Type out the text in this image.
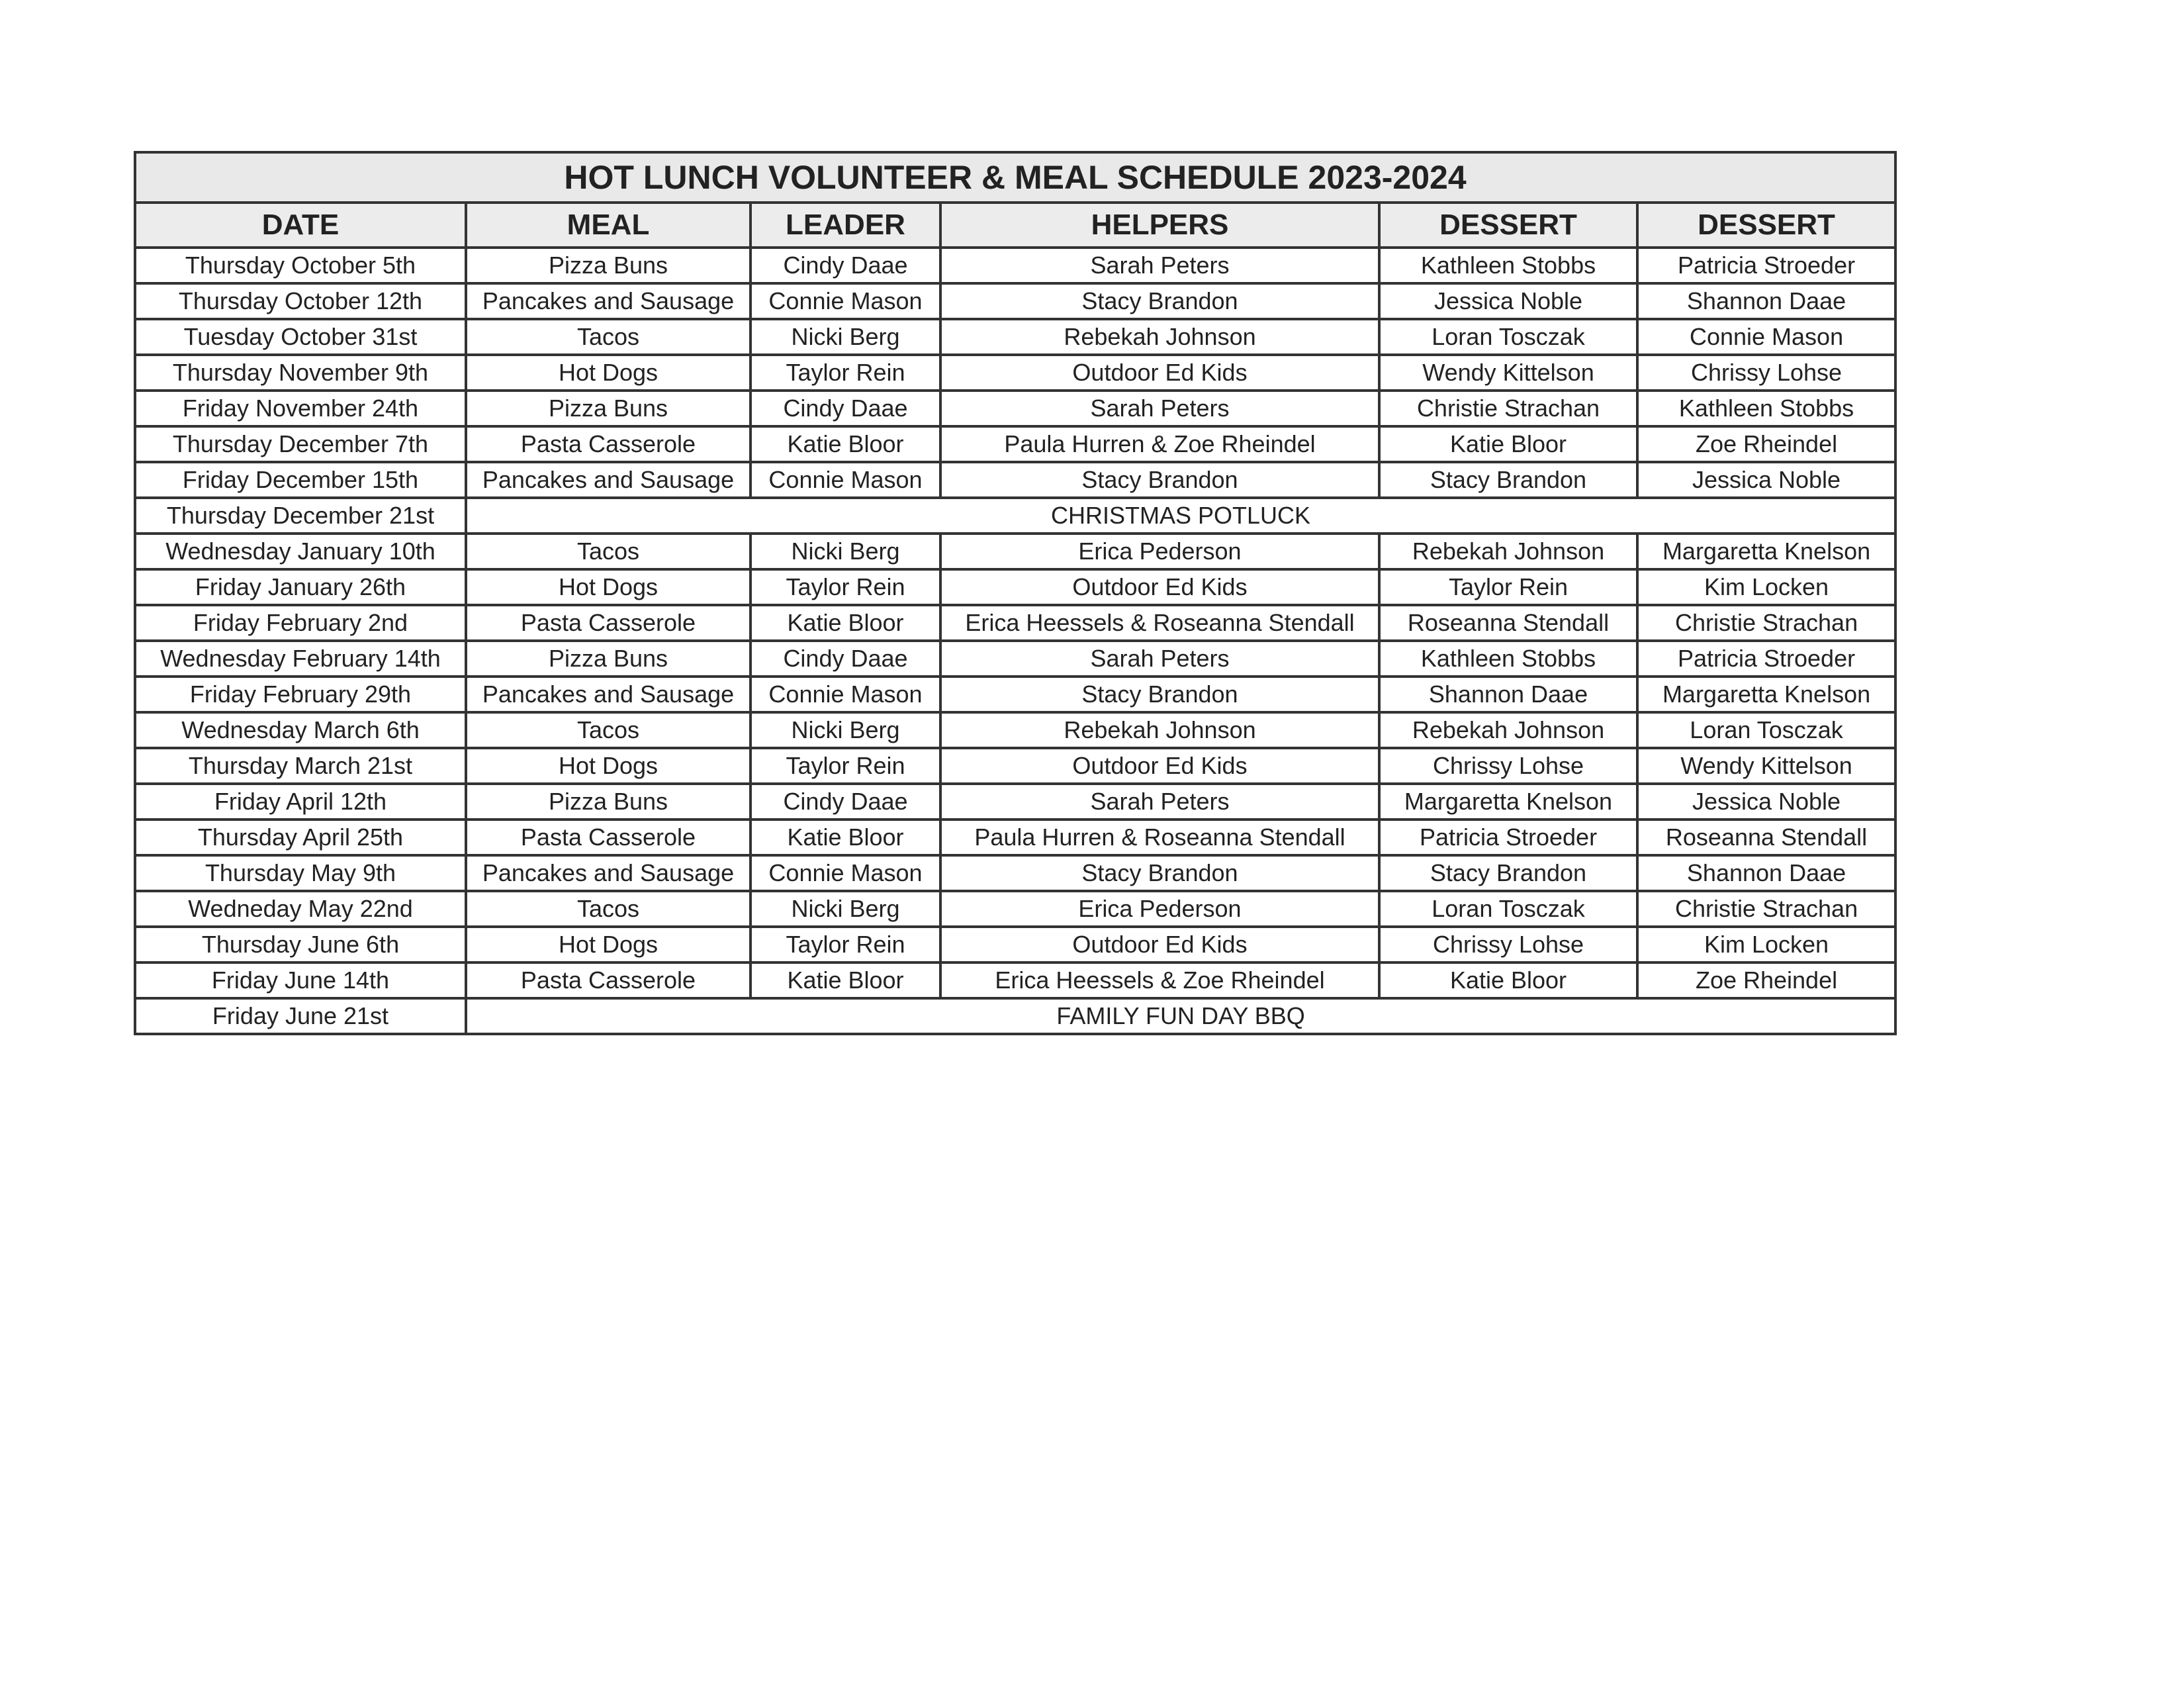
HOT LUNCH VOLUNTEER & MEAL SCHEDULE 2023-2024					
DATE	MEAL	LEADER	HELPERS	DESSERT	DESSERT
Thursday October 5th	Pizza Buns	Cindy Daae	Sarah Peters	Kathleen Stobbs	Patricia Stroeder
Thursday October 12th	Pancakes and Sausage	Connie Mason	Stacy Brandon	Jessica Noble	Shannon Daae
Tuesday October 31st	Tacos	Nicki Berg	Rebekah Johnson	Loran Tosczak	Connie Mason
Thursday November 9th	Hot Dogs	Taylor Rein	Outdoor Ed Kids	Wendy Kittelson	Chrissy Lohse
Friday November 24th	Pizza Buns	Cindy Daae	Sarah Peters	Christie Strachan	Kathleen Stobbs
Thursday December 7th	Pasta Casserole	Katie Bloor	Paula Hurren & Zoe Rheindel	Katie Bloor	Zoe Rheindel
Friday December 15th	Pancakes and Sausage	Connie Mason	Stacy Brandon	Stacy Brandon	Jessica Noble
Thursday December 21st	CHRISTMAS POTLUCK				
Wednesday January 10th	Tacos	Nicki Berg	Erica Pederson	Rebekah Johnson	Margaretta Knelson
Friday January 26th	Hot Dogs	Taylor Rein	Outdoor Ed Kids	Taylor Rein	Kim Locken
Friday February 2nd	Pasta Casserole	Katie Bloor	Erica Heessels & Roseanna Stendall	Roseanna Stendall	Christie Strachan
Wednesday February 14th	Pizza Buns	Cindy Daae	Sarah Peters	Kathleen Stobbs	Patricia Stroeder
Friday February 29th	Pancakes and Sausage	Connie Mason	Stacy Brandon	Shannon Daae	Margaretta Knelson
Wednesday March 6th	Tacos	Nicki Berg	Rebekah Johnson	Rebekah Johnson	Loran Tosczak
Thursday March 21st	Hot Dogs	Taylor Rein	Outdoor Ed Kids	Chrissy Lohse	Wendy Kittelson
Friday April 12th	Pizza Buns	Cindy Daae	Sarah Peters	Margaretta Knelson	Jessica Noble
Thursday April 25th	Pasta Casserole	Katie Bloor	Paula Hurren & Roseanna Stendall	Patricia Stroeder	Roseanna Stendall
Thursday May 9th	Pancakes and Sausage	Connie Mason	Stacy Brandon	Stacy Brandon	Shannon Daae
Wedneday May 22nd	Tacos	Nicki Berg	Erica Pederson	Loran Tosczak	Christie Strachan
Thursday June 6th	Hot Dogs	Taylor Rein	Outdoor Ed Kids	Chrissy Lohse	Kim Locken
Friday June 14th	Pasta Casserole	Katie Bloor	Erica Heessels & Zoe Rheindel	Katie Bloor	Zoe Rheindel
Friday June 21st	FAMILY FUN DAY BBQ				
